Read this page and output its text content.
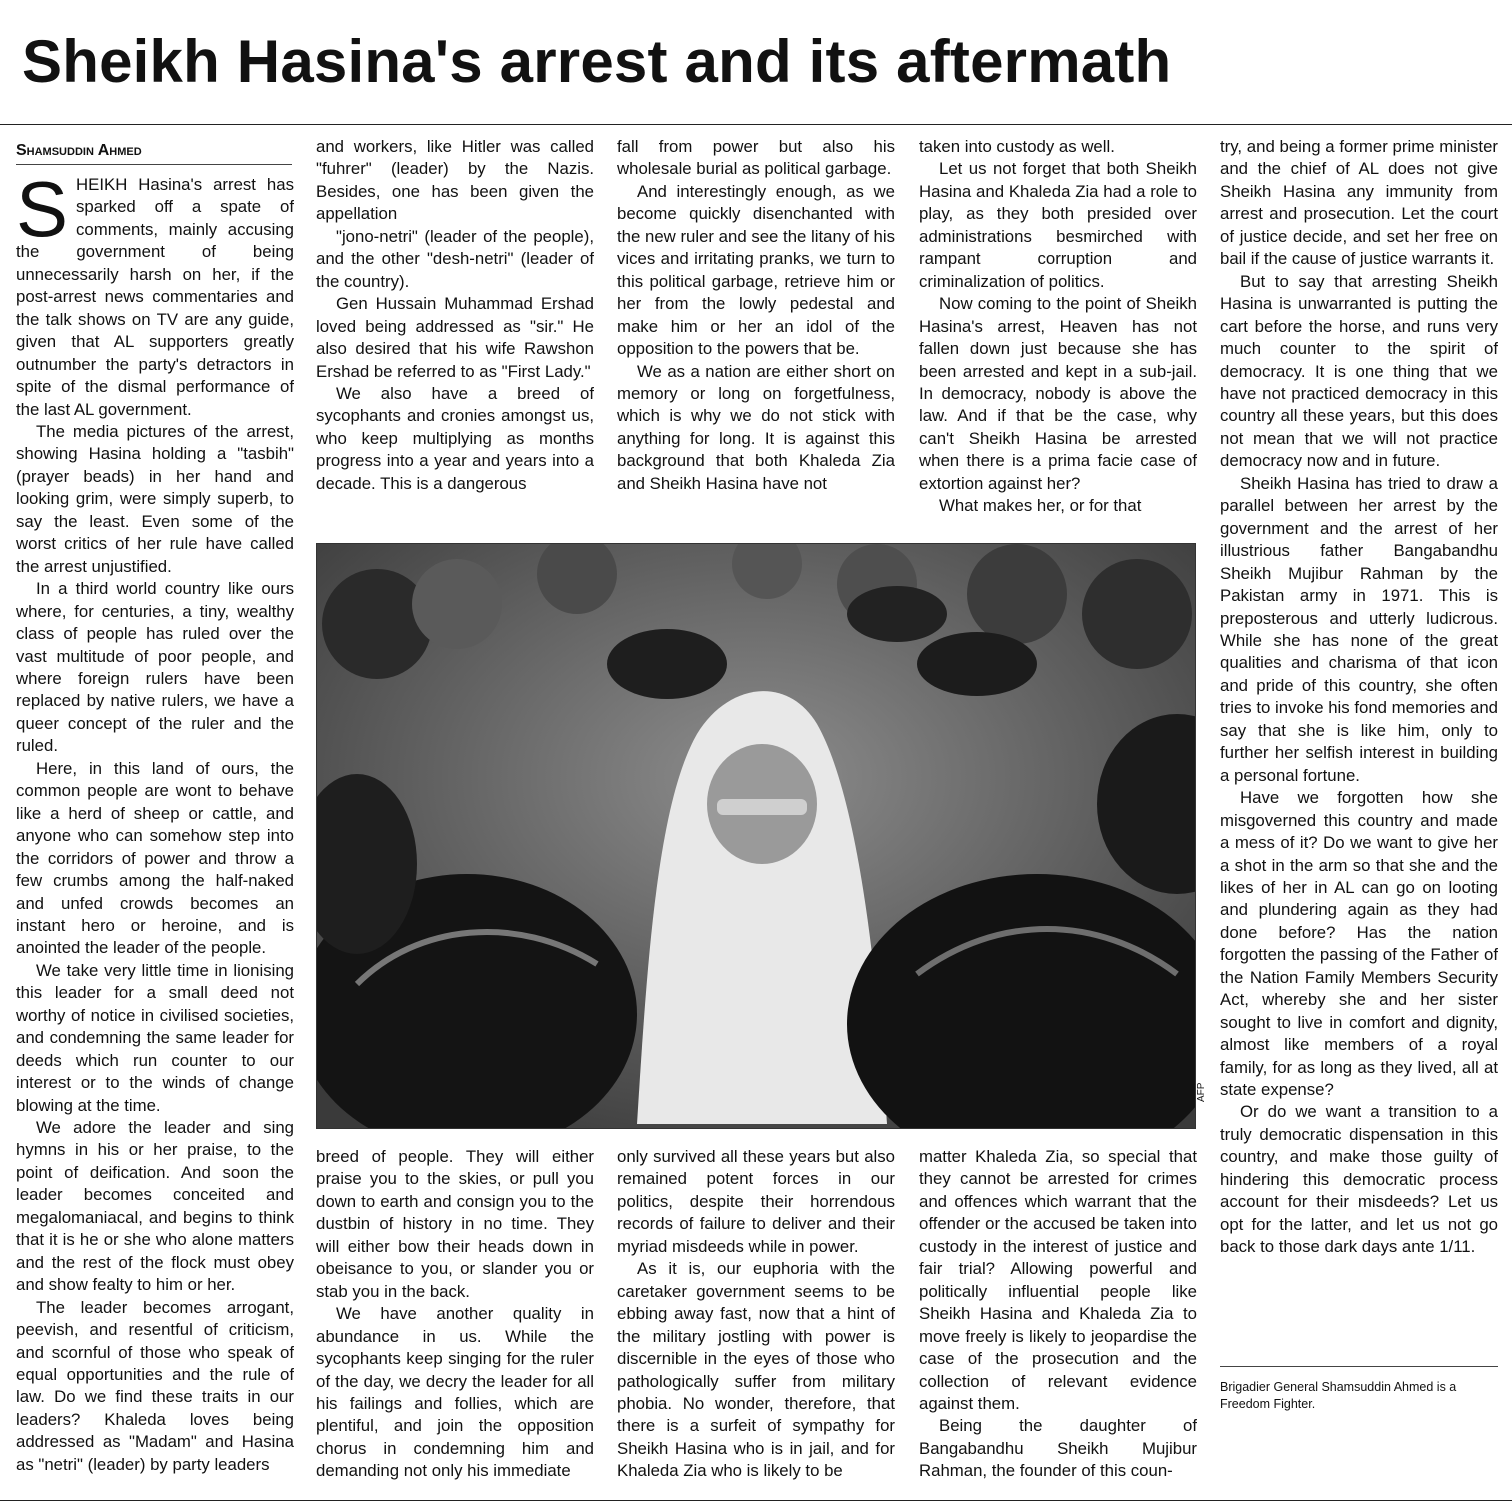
Sheikh Hasina's arrest and its aftermath
Shamsuddin Ahmed

SHEIKH Hasina's arrest has sparked off a spate of comments, mainly accusing the government of being unnecessarily harsh on her, if the post-arrest news commentaries and the talk shows on TV are any guide, given that AL supporters greatly outnumber the party's detractors in spite of the dismal performance of the last AL government.

The media pictures of the arrest, showing Hasina holding a "tasbih" (prayer beads) in her hand and looking grim, were simply superb, to say the least. Even some of the worst critics of her rule have called the arrest unjustified.

In a third world country like ours where, for centuries, a tiny, wealthy class of people has ruled over the vast multitude of poor people, and where foreign rulers have been replaced by native rulers, we have a queer concept of the ruler and the ruled.

Here, in this land of ours, the common people are wont to behave like a herd of sheep or cattle, and anyone who can somehow step into the corridors of power and throw a few crumbs among the half-naked and unfed crowds becomes an instant hero or heroine, and is anointed the leader of the people.

We take very little time in lionising this leader for a small deed not worthy of notice in civilised societies, and condemning the same leader for deeds which run counter to our interest or to the winds of change blowing at the time.

We adore the leader and sing hymns in his or her praise, to the point of deification. And soon the leader becomes conceited and megalomaniacal, and begins to think that it is he or she who alone matters and the rest of the flock must obey and show fealty to him or her.

The leader becomes arrogant, peevish, and resentful of criticism, and scornful of those who speak of equal opportunities and the rule of law. Do we find these traits in our leaders? Khaleda loves being addressed as "Madam" and Hasina as "netri" (leader) by party leaders

and workers, like Hitler was called "fuhrer" (leader) by the Nazis. Besides, one has been given the appellation

"jono-netri" (leader of the people), and the other "desh-netri" (leader of the country).

Gen Hussain Muhammad Ershad loved being addressed as "sir." He also desired that his wife Rawshon Ershad be referred to as "First Lady."

We also have a breed of sycophants and cronies amongst us, who keep multiplying as months progress into a year and years into a decade. This is a dangerous

fall from power but also his wholesale burial as political garbage.

And interestingly enough, as we become quickly disenchanted with the new ruler and see the litany of his vices and irritating pranks, we turn to this political garbage, retrieve him or her from the lowly pedestal and make him or her an idol of the opposition to the powers that be.

We as a nation are either short on memory or long on forgetfulness, which is why we do not stick with anything for long. It is against this background that both Khaleda Zia and Sheikh Hasina have not

taken into custody as well.

Let us not forget that both Sheikh Hasina and Khaleda Zia had a role to play, as they both presided over administrations besmirched with rampant corruption and criminalization of politics.

Now coming to the point of Sheikh Hasina's arrest, Heaven has not fallen down just because she has been arrested and kept in a sub-jail. In democracy, nobody is above the law. And if that be the case, why can't Sheikh Hasina be arrested when there is a prima facie case of extortion against her?

What makes her, or for that

AFP

breed of people. They will either praise you to the skies, or pull you down to earth and consign you to the dustbin of history in no time. They will either bow their heads down in obeisance to you, or slander you or stab you in the back.

We have another quality in abundance in us. While the sycophants keep singing for the ruler of the day, we decry the leader for all his failings and follies, which are plentiful, and join the opposition chorus in condemning him and demanding not only his immediate

only survived all these years but also remained potent forces in our politics, despite their horrendous records of failure to deliver and their myriad misdeeds while in power.

As it is, our euphoria with the caretaker government seems to be ebbing away fast, now that a hint of the military jostling with power is discernible in the eyes of those who pathologically suffer from military phobia. No wonder, therefore, that there is a surfeit of sympathy for Sheikh Hasina who is in jail, and for Khaleda Zia who is likely to be

matter Khaleda Zia, so special that they cannot be arrested for crimes and offences which warrant that the offender or the accused be taken into custody in the interest of justice and fair trial? Allowing powerful and politically influential people like Sheikh Hasina and Khaleda Zia to move freely is likely to jeopardise the case of the prosecution and the collection of relevant evidence against them.

Being the daughter of Bangabandhu Sheikh Mujibur Rahman, the founder of this coun-

try, and being a former prime minister and the chief of AL does not give Sheikh Hasina any immunity from arrest and prosecution. Let the court of justice decide, and set her free on bail if the cause of justice warrants it.

But to say that arresting Sheikh Hasina is unwarranted is putting the cart before the horse, and runs very much counter to the spirit of democracy. It is one thing that we have not practiced democracy in this country all these years, but this does not mean that we will not practice democracy now and in future.

Sheikh Hasina has tried to draw a parallel between her arrest by the government and the arrest of her illustrious father Bangabandhu Sheikh Mujibur Rahman by the Pakistan army in 1971. This is preposterous and utterly ludicrous. While she has none of the great qualities and charisma of that icon and pride of this country, she often tries to invoke his fond memories and say that she is like him, only to further her selfish interest in building a personal fortune.

Have we forgotten how she misgoverned this country and made a mess of it? Do we want to give her a shot in the arm so that she and the likes of her in AL can go on looting and plundering again as they had done before? Has the nation forgotten the passing of the Father of the Nation Family Members Security Act, whereby she and her sister sought to live in comfort and dignity, almost like members of a royal family, for as long as they lived, all at state expense?

Or do we want a transition to a truly democratic dispensation in this country, and make those guilty of hindering this democratic process account for their misdeeds? Let us opt for the latter, and let us not go back to those dark days ante 1/11.

Brigadier General Shamsuddin Ahmed is a Freedom Fighter.
